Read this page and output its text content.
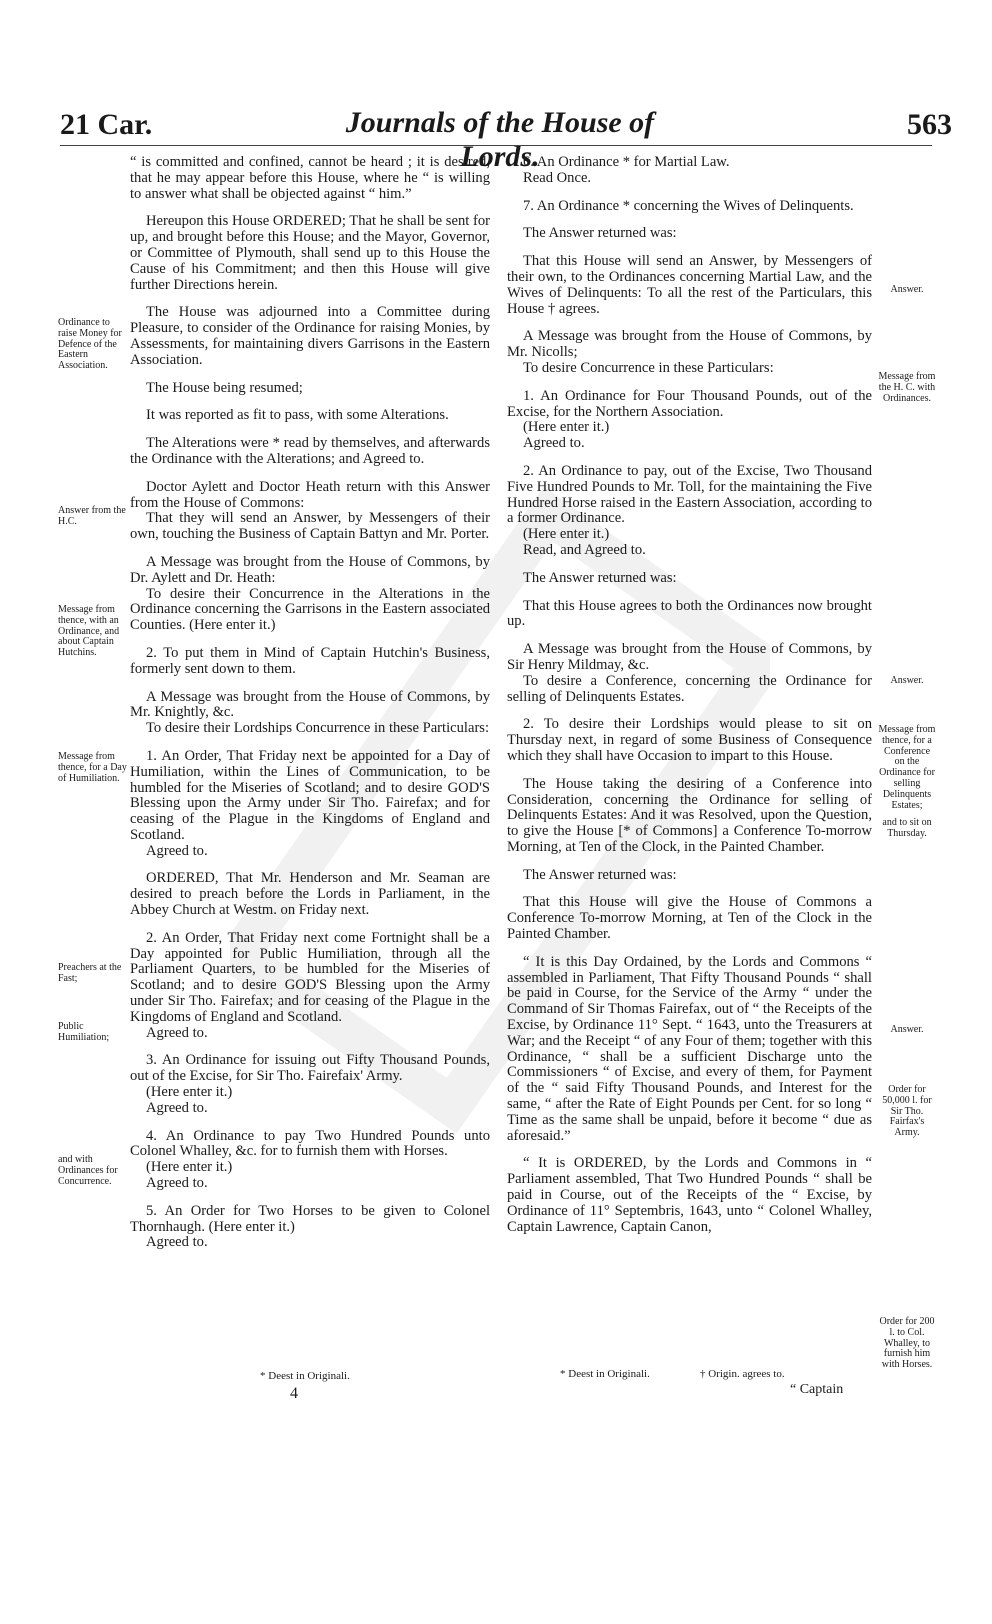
21 Car.	Journals of the House of Lords.
563

“ is committed and confined, cannot be heard ; it is desired, that he may appear before this House, where he “ is willing to answer what shall be objected against “ him.”

Hereupon this House ORDERED; That he shall be sent for up, and brought before this House; and the Mayor, Governor, or Committee of Plymouth, shall send up to this House the Cause of his Commitment; and then this House will give further Directions herein.

The House was adjourned into a Committee during Pleasure, to consider of the Ordinance for raising Monies, by Assessments, for maintaining divers Garrisons in the Eastern Association.

The House being resumed;

It was reported as fit to pass, with some Alterations.

The Alterations were * read by themselves, and afterwards the Ordinance with the Alterations; and Agreed to.

Doctor Aylett and Doctor Heath return with this Answer from the House of Commons:

That they will send an Answer, by Messengers of their own, touching the Business of Captain Battyn and Mr. Porter.

A Message was brought from the House of Commons, by Dr. Aylett and Dr. Heath:

To desire their Concurrence in the Alterations in the Ordinance concerning the Garrisons in the Eastern associated Counties. (Here enter it.)

2. To put them in Mind of Captain Hutchin's Business, formerly sent down to them.

A Message was brought from the House of Commons, by Mr. Knightly, &c.

To desire their Lordships Concurrence in these Particulars:

1. An Order, That Friday next be appointed for a Day of Humiliation, within the Lines of Communication, to be humbled for the Miseries of Scotland; and to desire GOD'S Blessing upon the Army under Sir Tho. Fairefax; and for ceasing of the Plague in the Kingdoms of England and Scotland.

Agreed to.

ORDERED, That Mr. Henderson and Mr. Seaman are desired to preach before the Lords in Parliament, in the Abbey Church at Westm. on Friday next.

2. An Order, That Friday next come Fortnight shall be a Day appointed for Public Humiliation, through all the Parliament Quarters, to be humbled for the Miseries of Scotland; and to desire GOD'S Blessing upon the Army under Sir Tho. Fairefax; and for ceasing of the Plague in the Kingdoms of England and Scotland.

Agreed to.

3. An Ordinance for issuing out Fifty Thousand Pounds, out of the Excise, for Sir Tho. Fairefaix' Army.

(Here enter it.)

Agreed to.

4. An Ordinance to pay Two Hundred Pounds unto Colonel Whalley, &c. for to furnish them with Horses.

(Here enter it.)

Agreed to.

5. An Order for Two Horses to be given to Colonel Thornhaugh. (Here enter it.)

Agreed to.

Ordinance to raise Money for Defence of the Eastern Association.
Answer from the H.C.
Message from thence, with an Ordinance, and about Captain Hutchins.
Message from thence, for a Day of Humiliation.
Preachers at the Fast;
Public Humiliation;
and with Ordinances for Concurrence.

6. An Ordinance * for Martial Law.

Read Once.

7. An Ordinance * concerning the Wives of Delinquents.

The Answer returned was:

That this House will send an Answer, by Messengers of their own, to the Ordinances concerning Martial Law, and the Wives of Delinquents: To all the rest of the Particulars, this House † agrees.

A Message was brought from the House of Commons, by Mr. Nicolls;

To desire Concurrence in these Particulars:

1. An Ordinance for Four Thousand Pounds, out of the Excise, for the Northern Association.

(Here enter it.)

Agreed to.

2. An Ordinance to pay, out of the Excise, Two Thousand Five Hundred Pounds to Mr. Toll, for the maintaining the Five Hundred Horse raised in the Eastern Association, according to a former Ordinance.

(Here enter it.)

Read, and Agreed to.

The Answer returned was:

That this House agrees to both the Ordinances now brought up.

A Message was brought from the House of Commons, by Sir Henry Mildmay, &c.

To desire a Conference, concerning the Ordinance for selling of Delinquents Estates.

2. To desire their Lordships would please to sit on Thursday next, in regard of some Business of Consequence which they shall have Occasion to impart to this House.

The House taking the desiring of a Conference into Consideration, concerning the Ordinance for selling of Delinquents Estates: And it was Resolved, upon the Question, to give the House [* of Commons] a Conference To-morrow Morning, at Ten of the Clock, in the Painted Chamber.

The Answer returned was:

That this House will give the House of Commons a Conference To-morrow Morning, at Ten of the Clock in the Painted Chamber.

“ It is this Day Ordained, by the Lords and Commons “ assembled in Parliament, That Fifty Thousand Pounds “ shall be paid in Course, for the Service of the Army “ under the Command of Sir Thomas Fairefax, out of “ the Receipts of the Excise, by Ordinance 11° Sept. “ 1643, unto the Treasurers at War; and the Receipt “ of any Four of them; together with this Ordinance, “ shall be a sufficient Discharge unto the Commissioners “ of Excise, and every of them, for Payment of the “ said Fifty Thousand Pounds, and Interest for the same, “ after the Rate of Eight Pounds per Cent. for so long “ Time as the same shall be unpaid, before it become “ due as aforesaid.”

“ It is ORDERED, by the Lords and Commons in “ Parliament assembled, That Two Hundred Pounds “ shall be paid in Course, out of the Receipts of the “ Excise, by Ordinance of 11° Septembris, 1643, unto “ Colonel Whalley, Captain Lawrence, Captain Canon,

Answer.
Message from the H. C. with Ordinances.
Answer.
Message from thence, for a Conference on the Ordinance for selling Delinquents Estates;
and to sit on Thursday.
Answer.
Order for 50,000 l. for Sir Tho. Fairfax's Army.
Order for 200 l. to Col. Whalley, to furnish him with Horses.
* Deest in Originali.
4
* Deest in Originali.	† Origin. agrees to.
“ Captain
